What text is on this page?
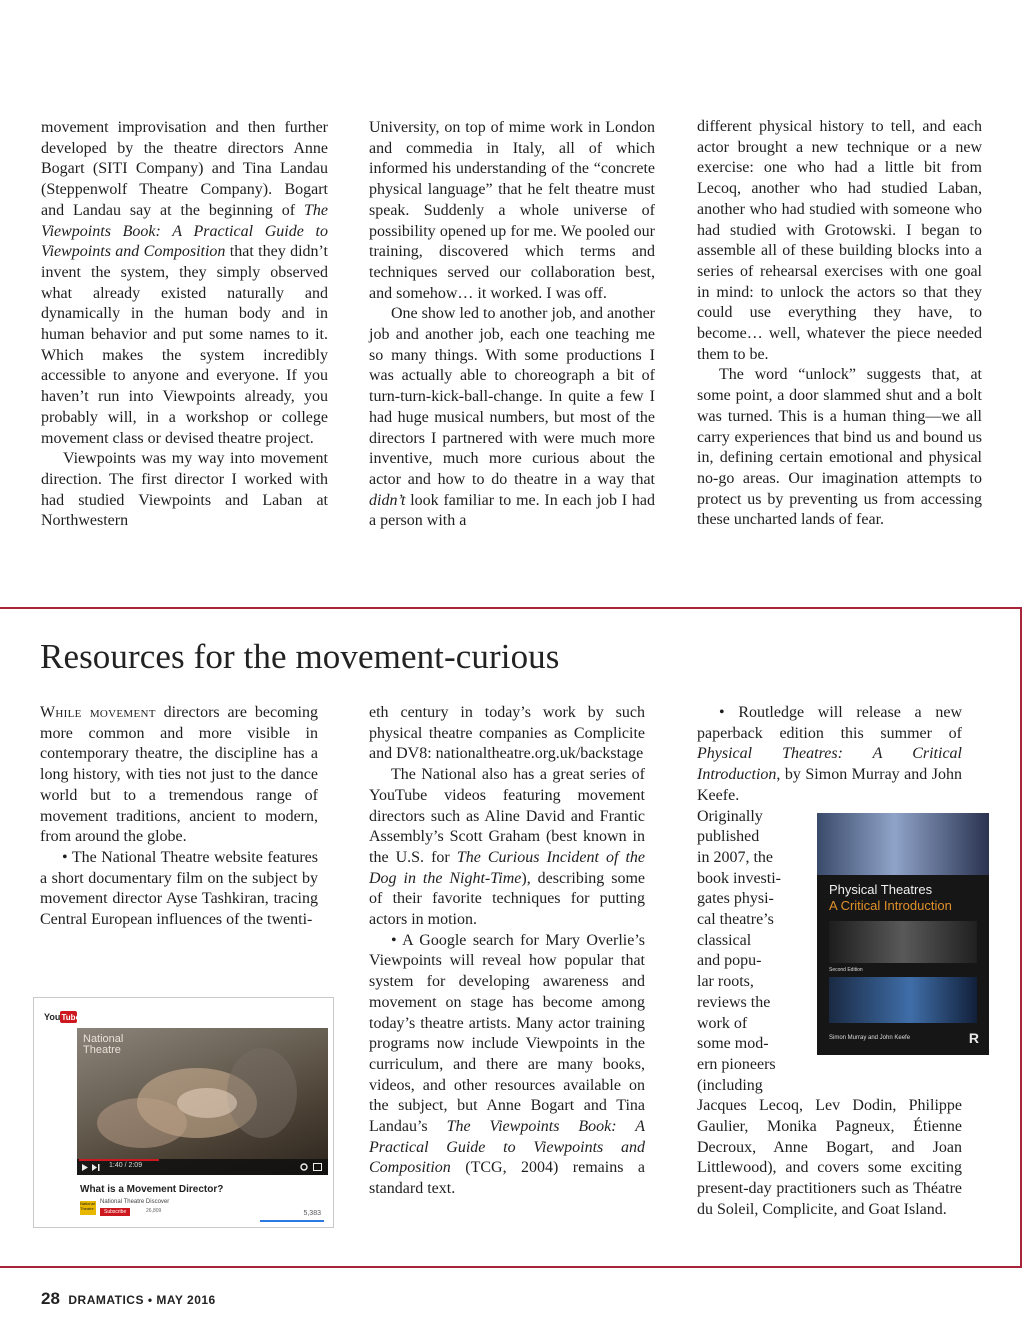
movement improvisation and then further developed by the theatre directors Anne Bogart (SITI Company) and Tina Landau (Steppenwolf Theatre Company). Bogart and Landau say at the beginning of The Viewpoints Book: A Practical Guide to Viewpoints and Composition that they didn’t invent the system, they simply observed what already existed naturally and dynamically in the human body and in human behavior and put some names to it. Which makes the system incredibly accessible to anyone and everyone. If you haven’t run into Viewpoints already, you probably will, in a workshop or college movement class or devised theatre project.

Viewpoints was my way into movement direction. The first director I worked with had studied Viewpoints and Laban at Northwestern

University, on top of mime work in London and commedia in Italy, all of which informed his understanding of the “concrete physical language” that he felt theatre must speak. Suddenly a whole universe of possibility opened up for me. We pooled our training, discovered which terms and techniques served our collaboration best, and somehow… it worked. I was off.

One show led to another job, and another job and another job, each one teaching me so many things. With some productions I was actually able to choreograph a bit of turn-turn-kick-ball-change. In quite a few I had huge musical numbers, but most of the directors I partnered with were much more inventive, much more curious about the actor and how to do theatre in a way that didn’t look familiar to me. In each job I had a person with a

different physical history to tell, and each actor brought a new technique or a new exercise: one who had a little bit from Lecoq, another who had studied Laban, another who had studied with someone who had studied with Grotowski. I began to assemble all of these building blocks into a series of rehearsal exercises with one goal in mind: to unlock the actors so that they could use everything they have, to become… well, whatever the piece needed them to be.

The word “unlock” suggests that, at some point, a door slammed shut and a bolt was turned. This is a human thing—we all carry experiences that bind us and bound us in, defining certain emotional and physical no-go areas. Our imagination attempts to protect us by preventing us from accessing these uncharted lands of fear.

Resources for the movement-curious

While movement directors are becoming more common and more visible in contemporary theatre, the discipline has a long history, with ties not just to the dance world but to a tremendous range of movement traditions, ancient to modern, from around the globe.

• The National Theatre website features a short documentary film on the subject by movement director Ayse Tashkiran, tracing Central European influences of the twenti-

You Tube
National Theatre
1:40 / 2:09
What is a Movement Director?
National Theatre
National Theatre Discover
Subscribe	26,809	5,383

eth century in today’s work by such physical theatre companies as Complicite and DV8: nationaltheatre.org.uk/backstage

The National also has a great series of YouTube videos featuring movement directors such as Aline David and Frantic Assembly’s Scott Graham (best known in the U.S. for The Curious Incident of the Dog in the Night-Time), describing some of their favorite techniques for putting actors in motion.

• A Google search for Mary Overlie’s Viewpoints will reveal how popular that system for developing awareness and movement on stage has become among today’s theatre artists. Many actor training programs now include Viewpoints in the curriculum, and there are many books, videos, and other resources available on the subject, but Anne Bogart and Tina Landau’s The Viewpoints Book: A Practical Guide to Viewpoints and Composition (TCG, 2004) remains a standard text.

• Routledge will release a new paperback edition this summer of Physical Theatres: A Critical Introduction, by Simon Murray and John Keefe.

Originally

published

in 2007, the

book investi-

gates physi-

cal theatre’s

classical

and popu-

lar roots,

reviews the

work of

some mod-

ern pioneers

(including

Jacques Lecoq, Lev Dodin, Philippe Gaulier, Monika Pagneux, Étienne Decroux, Anne Bogart, and Joan Littlewood), and covers some exciting present-day practitioners such as Théatre du Soleil, Complicite, and Goat Island.

Physical Theatres
A Critical Introduction
Second Edition
Simon Murray and John Keefe	R
28 DRAMATICS • MAY 2016
